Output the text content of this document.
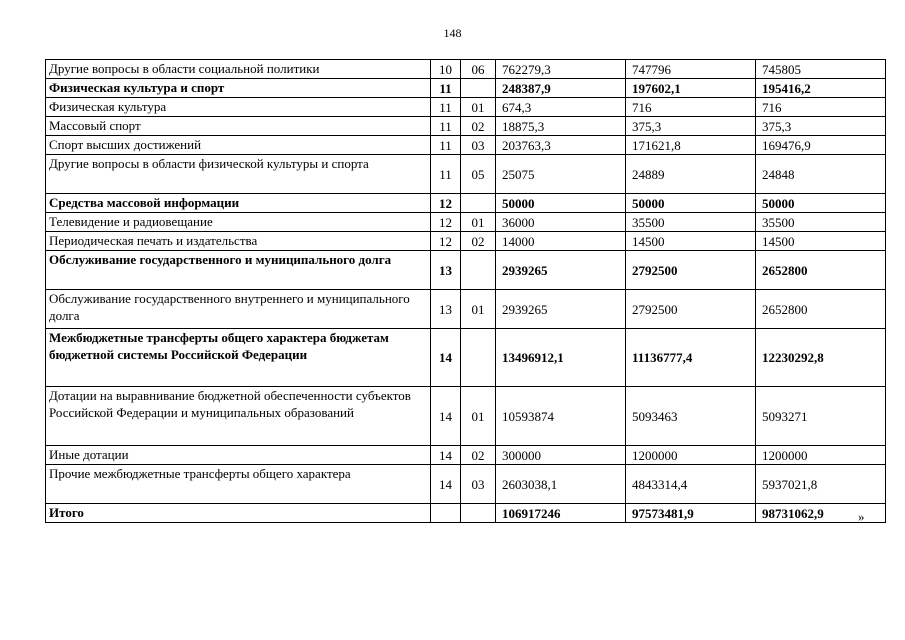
148
Другие вопросы в области социальной политики	10	06	762279,3	747796	745805
Физическая культура и спорт	11		248387,9	197602,1	195416,2
Физическая культура	11	01	674,3	716	716
Массовый спорт	11	02	18875,3	375,3	375,3
Спорт высших достижений	11	03	203763,3	171621,8	169476,9
Другие вопросы в области физической культуры и спорта	11	05	25075	24889	24848
Средства массовой информации	12		50000	50000	50000
Телевидение и радиовещание	12	01	36000	35500	35500
Периодическая печать и издательства	12	02	14000	14500	14500
Обслуживание государственного и муниципального долга	13		2939265	2792500	2652800
Обслуживание государственного внутреннего и муниципального долга	13	01	2939265	2792500	2652800
Межбюджетные трансферты общего характера бюджетам бюджетной системы Российской Федерации	14		13496912,1	11136777,4	12230292,8
Дотации на выравнивание бюджетной обеспеченности субъектов Российской Федерации и муниципальных образований	14	01	10593874	5093463	5093271
Иные дотации	14	02	300000	1200000	1200000
Прочие межбюджетные трансферты общего характера	14	03	2603038,1	4843314,4	5937021,8
Итого			106917246	97573481,9	98731062,9	»
